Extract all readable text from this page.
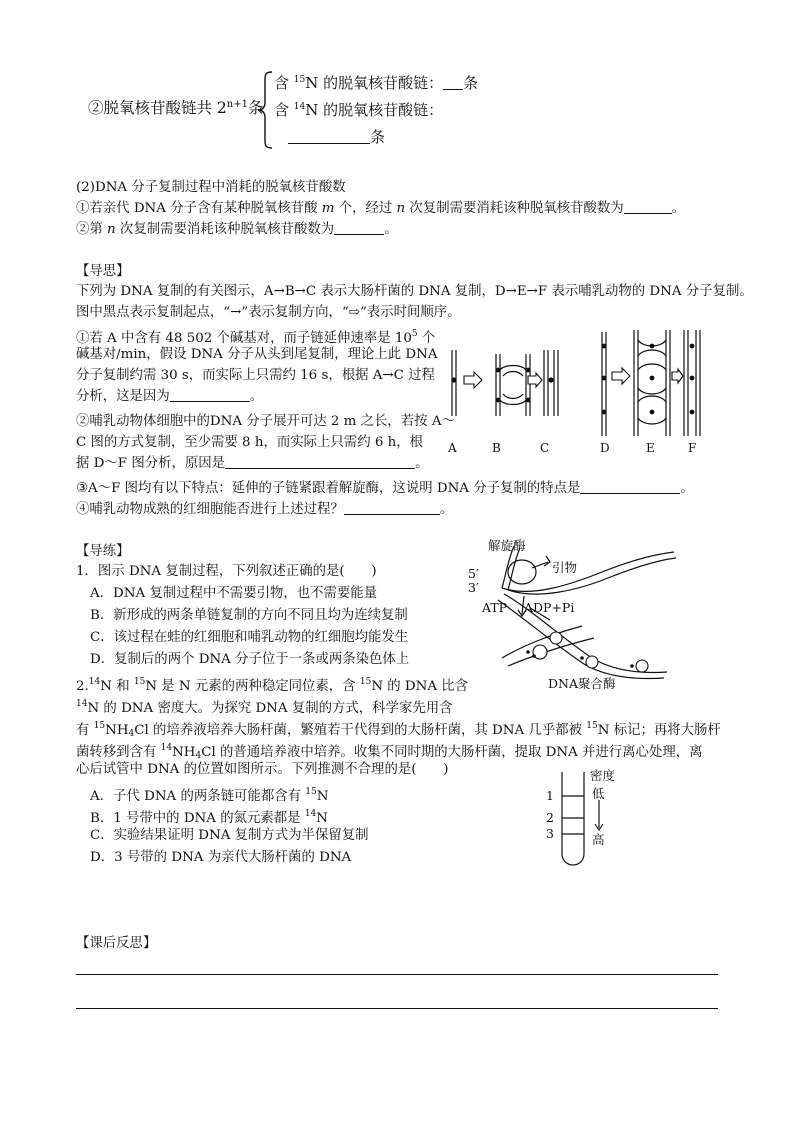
②脱氧核苷酸链共 $2^{n+1}$条
含 $^{15}$N 的脱氧核苷酸链： 条
含 $^{14}$N 的脱氧核苷酸链：
条
(2)DNA 分子复制过程中消耗的脱氧核苷酸数
①若亲代 DNA 分子含有某种脱氧核苷酸 m 个，经过 n 次复制需要消耗该种脱氧核苷酸数为	。
②第 n 次复制需要消耗该种脱氧核苷酸数为	。
【导思】
下列为 DNA 复制的有关图示，A→B→C 表示大肠杆菌的 DNA 复制，D→E→F 表示哺乳动物的 DNA 分子复制。
图中黑点表示复制起点，“→”表示复制方向，“⇨”表示时间顺序。
①若 A 中含有 48 502 个碱基对，而子链延伸速率是 $10^5$ 个
碱基对/min，假设 DNA 分子从头到尾复制，理论上此 DNA
分子复制约需 30 s，而实际上只需约 16 s，根据 A→C 过程
分析，这是因为	。
②哺乳动物体细胞中的DNA 分子展开可达 2 m 之长，若按 A～
C 图的方式复制，至少需要 8 h，而实际上只需约 6 h，根
据 D～F 图分析，原因是	。
③A～F 图均有以下特点：延伸的子链紧跟着解旋酶，这说明 DNA 分子复制的特点是	。
④哺乳动物成熟的红细胞能否进行上述过程？	。
A	B	C	D	E	F
【导练】
1．图示 DNA 复制过程，下列叙述正确的是(　　)
A．DNA 复制过程中不需要引物，也不需要能量
B．新形成的两条单链复制的方向不同且均为连续复制
C．该过程在蛙的红细胞和哺乳动物的红细胞均能发生
D．复制后的两个 DNA 分子位于一条或两条染色体上
解旋酶
引物
5′
3′
ATP ADP+Pi
DNA聚合酶
2.14N 和 $^{15}$N 是 N 元素的两种稳定同位素，含 $^{15}$N 的 DNA 比含
$^{14}$N 的 DNA 密度大。为探究 DNA 复制的方式，科学家先用含
有 $^{15}NH_4Cl$ 的培养液培养大肠杆菌，繁殖若干代得到的大肠杆菌，其 DNA 几乎都被 $^{15}$N 标记；再将大肠杆
菌转移到含有 $^{14}NH_4Cl$ 的普通培养液中培养。收集不同时期的大肠杆菌，提取 DNA 并进行离心处理，离
心后试管中 DNA 的位置如图所示。下列推测不合理的是(　　)
A．子代 DNA 的两条链可能都含有 $^{15}$N
B．1 号带中的 DNA 的氮元素都是 $^{14}$N
C．实验结果证明 DNA 复制方式为半保留复制
D．3 号带的 DNA 为亲代大肠杆菌的 DNA
密度
低
高
1
2
3
【课后反思】
